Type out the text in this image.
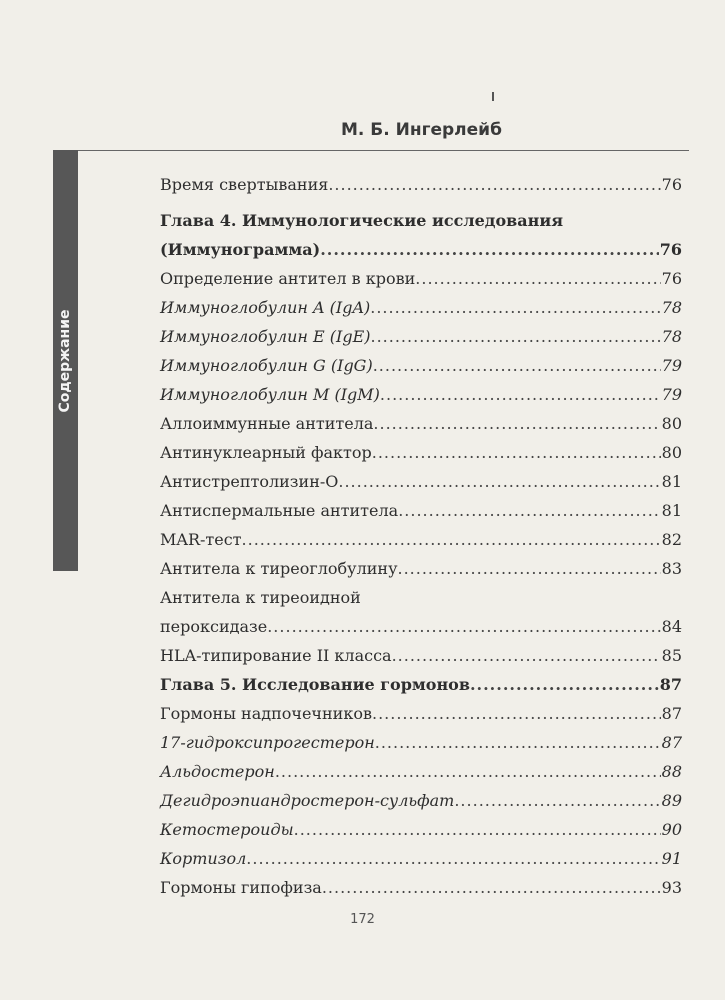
М. Б. Ингерлейб
Содержание
Время свертывания .....	76
Глава 4. Иммунологические исследования
(Иммунограмма) .....	76
Определение антител в крови .....	76
Иммуноглобулин A (IgA) .....	78
Иммуноглобулин E (IgE) .....	78
Иммуноглобулин G (IgG) .....	79
Иммуноглобулин M (IgM) .....	79
Аллоиммунные антитела .....	80
Антинуклеарный фактор .....	80
Антистрептолизин-О .....	81
Антиспермальные антитела .....	81
MAR-тест .....	82
Антитела к тиреоглобулину .....	83
Антитела к тиреоидной
пероксидазе .....	84
HLA-типирование II класса .....	85
Глава 5. Исследование гормонов .....	87
Гормоны надпочечников .....	87
17-гидроксипрогестерон .....	87
Альдостерон .....	88
Дегидроэпиандростерон-сульфат .....	89
Кетостероиды .....	90
Кортизол .....	91
Гормоны гипофиза .....	93
172
